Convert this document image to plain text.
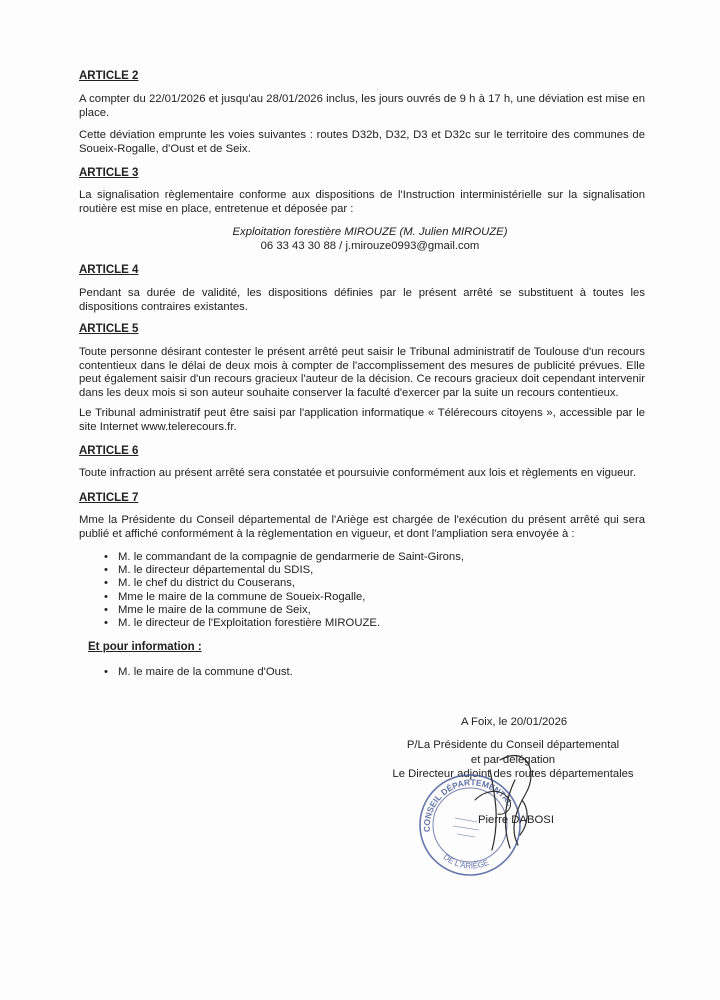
ARTICLE 2
A compter du 22/01/2026 et jusqu'au 28/01/2026 inclus, les jours ouvrés de 9 h à 17 h, une déviation est mise en place.
Cette déviation emprunte les voies suivantes : routes D32b, D32, D3 et D32c sur le territoire des communes de Soueix-Rogalle, d'Oust et de Seix.
ARTICLE 3
La signalisation règlementaire conforme aux dispositions de l'Instruction interministérielle sur la signalisation routière est mise en place, entretenue et déposée par :
Exploitation forestière MIROUZE (M. Julien MIROUZE)
06 33 43 30 88 / j.mirouze0993@gmail.com
ARTICLE 4
Pendant sa durée de validité, les dispositions définies par le présent arrêté se substituent à toutes les dispositions contraires existantes.
ARTICLE 5
Toute personne désirant contester le présent arrêté peut saisir le Tribunal administratif de Toulouse d'un recours contentieux dans le délai de deux mois à compter de l'accomplissement des mesures de publicité prévues. Elle peut également saisir d'un recours gracieux l'auteur de la décision. Ce recours gracieux doit cependant intervenir dans les deux mois si son auteur souhaite conserver la faculté d'exercer par la suite un recours contentieux.
Le Tribunal administratif peut être saisi par l'application informatique « Télérecours citoyens », accessible par le site Internet www.telerecours.fr.
ARTICLE 6
Toute infraction au présent arrêté sera constatée et poursuivie conformément aux lois et règlements en vigueur.
ARTICLE 7
Mme la Présidente du Conseil départemental de l'Ariège est chargée de l'exécution du présent arrêté qui sera publié et affiché conformément à la règlementation en vigueur, et dont l'ampliation sera envoyée à :
• M. le commandant de la compagnie de gendarmerie de Saint-Girons,
• M. le directeur départemental du SDIS,
• M. le chef du district du Couserans,
• Mme le maire de la commune de Soueix-Rogalle,
• Mme le maire de la commune de Seix,
• M. le directeur de l'Exploitation forestière MIROUZE.
Et pour information :
• M. le maire de la commune d'Oust.
A Foix, le 20/01/2026
P/La Présidente du Conseil départemental
et par délégation
Le Directeur adjoint des routes départementales
CONSEIL DÉPARTEMENTAL
DE L'ARIÈGE
Pierre DABOSI
